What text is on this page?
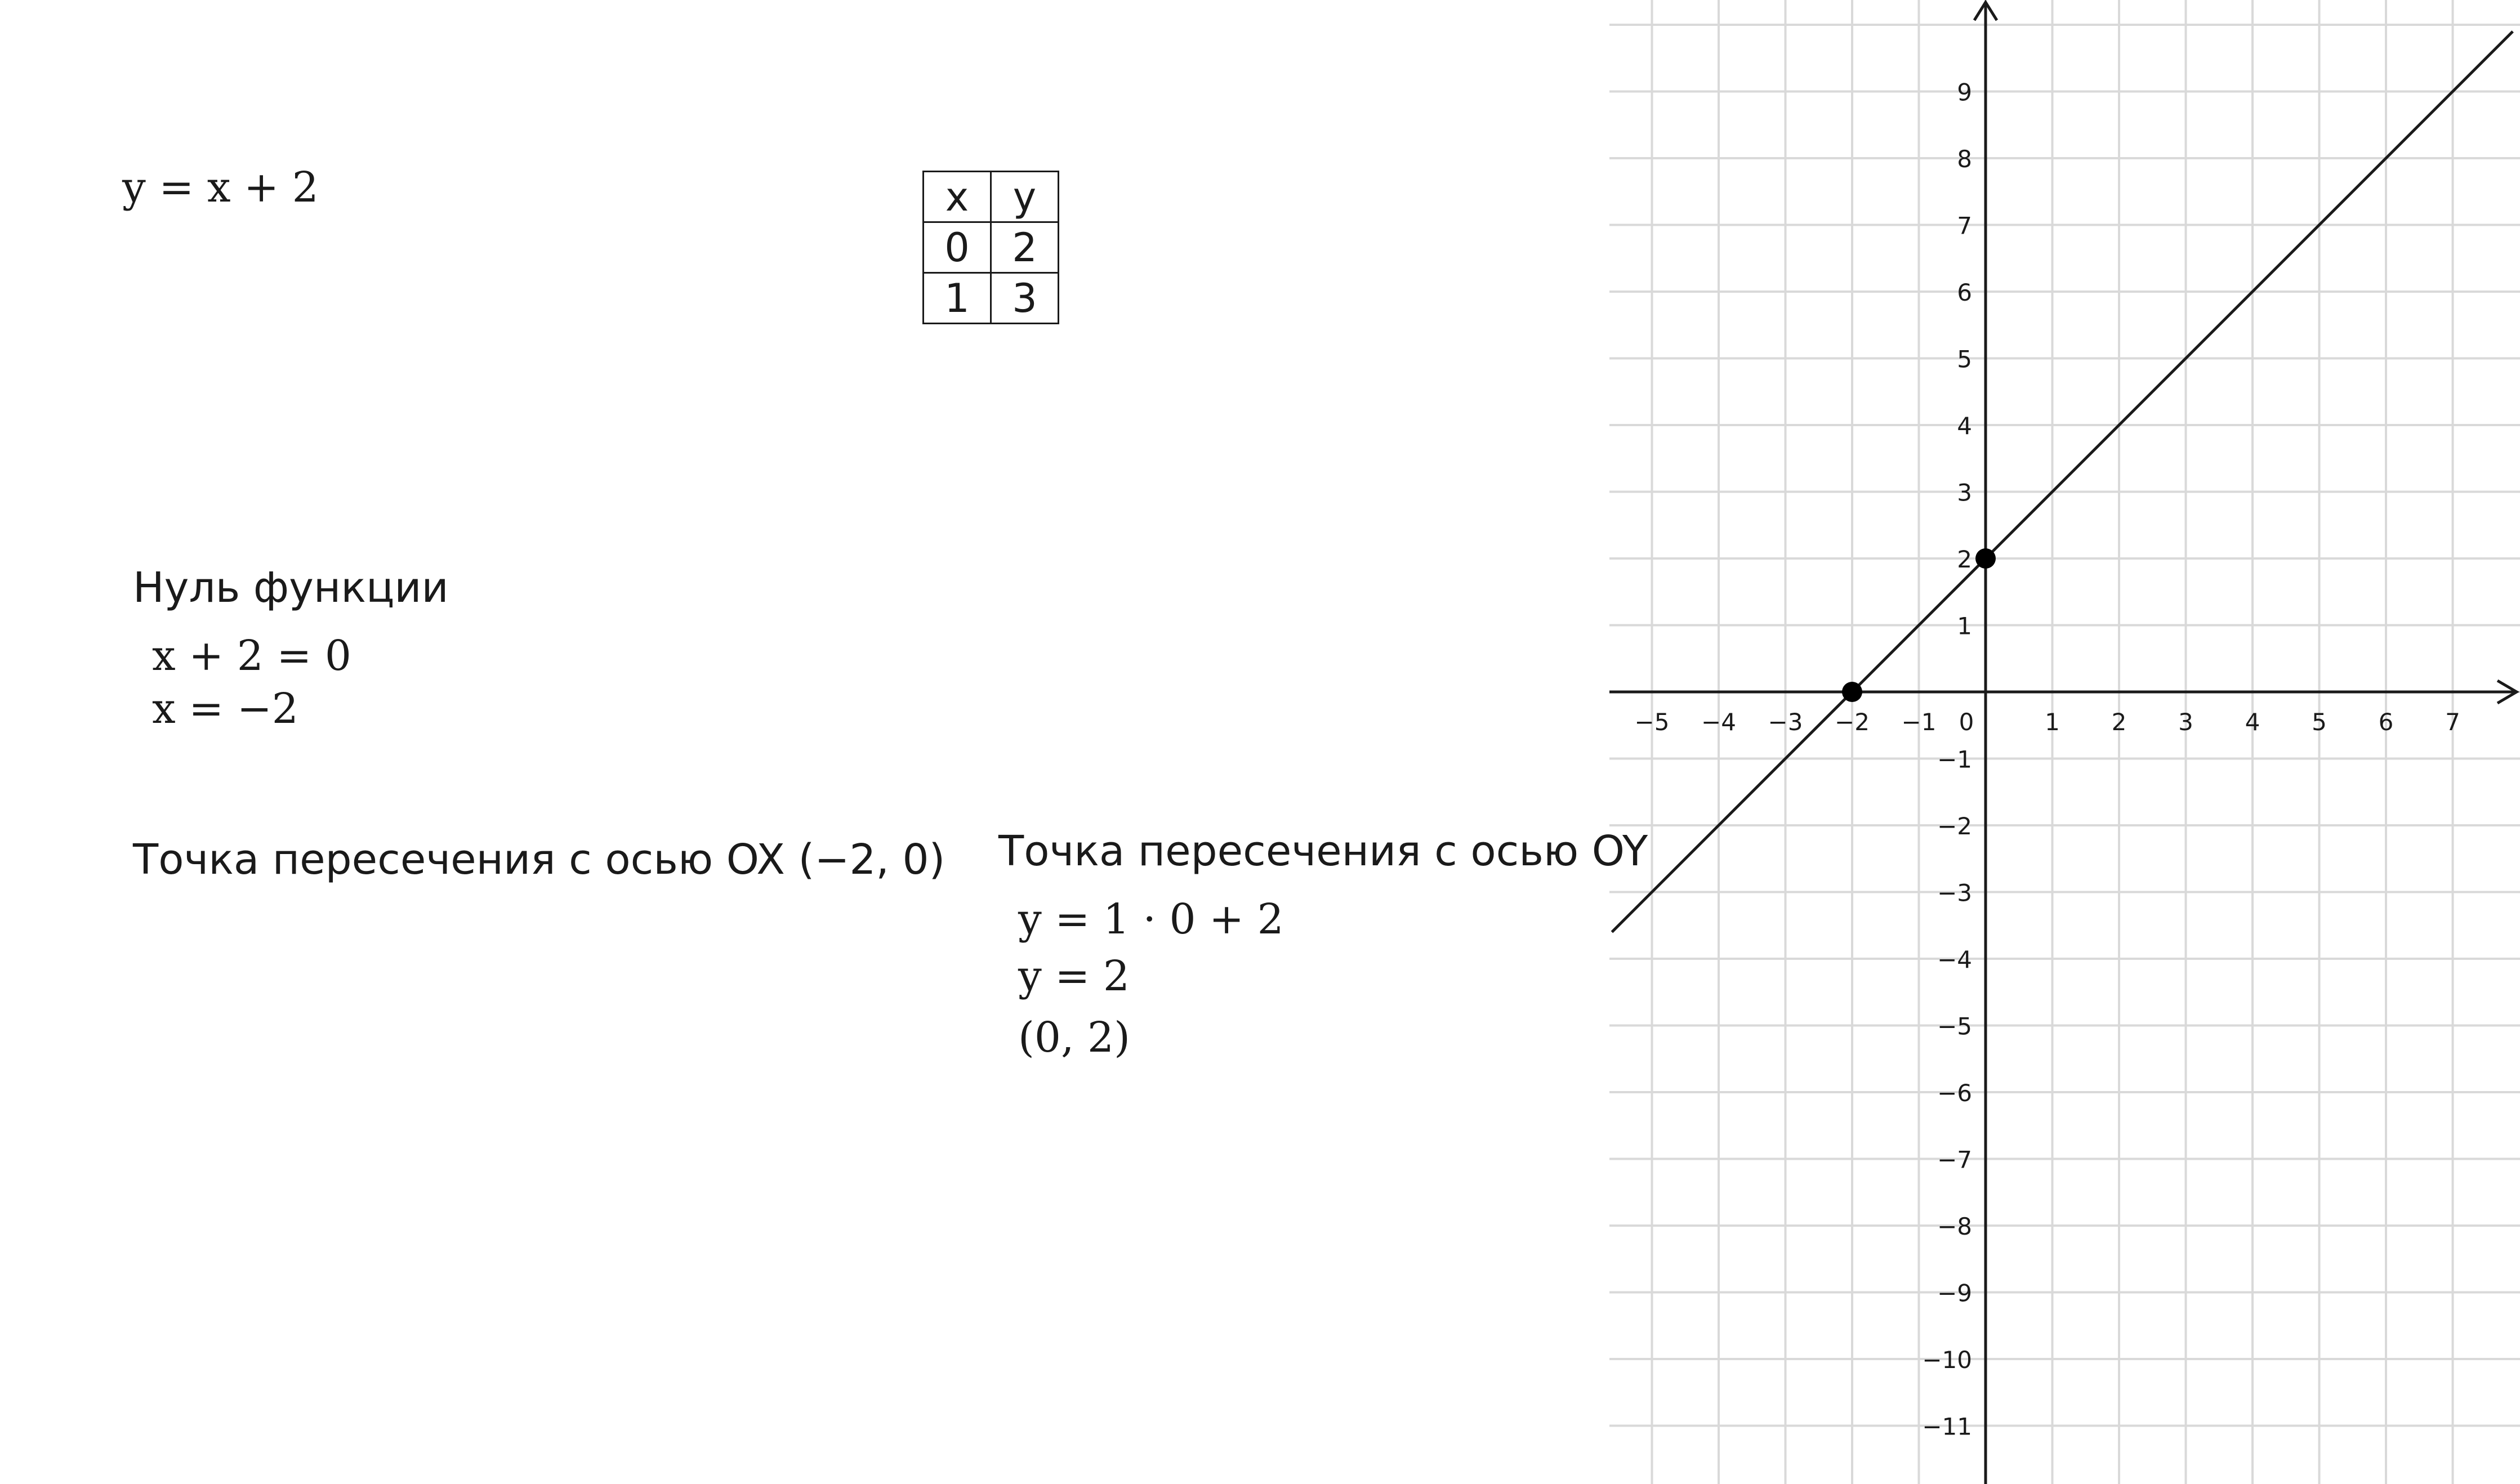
y = x + 2	x	y
0	2
1	3
Нуль функции
x + 2 = 0
x = −2
Точка пересечения с осью OX (−2, 0) Точка пересечения с осью OY
y = 1 · 0 + 2
y = 2
(0, 2)
0
−5 −4 −3 −2 −1	1 2 3 4 5 6 7
9
8
7
6
5
4
3
2
1
−1
−2
−3
−4
−5
−6
−7
−8
−9
−10
−11
